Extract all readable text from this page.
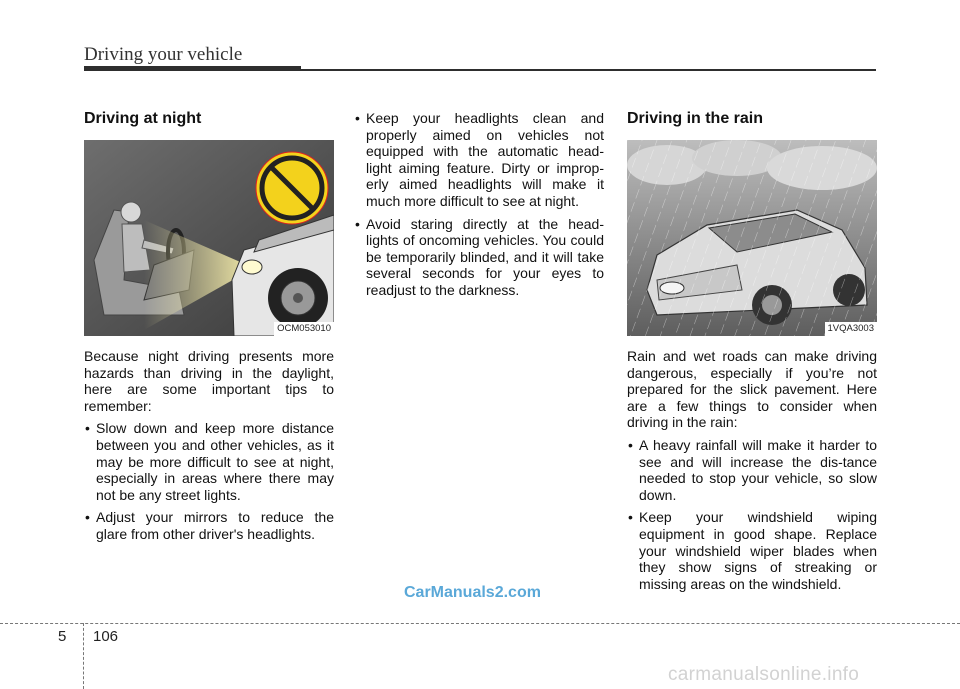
Driving your vehicle
Driving at night
OCM053010

Because night driving presents more hazards than driving in the daylight, here are some important tips to remember:

• Slow down and keep more distance between you and other vehicles, as it may be more difficult to see at night, especially in areas where there may not be any street lights.
• Adjust your mirrors to reduce the glare from other driver's headlights.
• Keep your headlights clean and properly aimed on vehicles not equipped with the automatic head-light aiming feature. Dirty or improp-erly aimed headlights will make it much more difficult to see at night.
• Avoid staring directly at the head-lights of oncoming vehicles. You could be temporarily blinded, and it will take several seconds for your eyes to readjust to the darkness.
Driving in the rain
1VQA3003

Rain and wet roads can make driving dangerous, especially if you’re not prepared for the slick pavement. Here are a few things to consider when driving in the rain:

• A heavy rainfall will make it harder to see and will increase the dis-tance needed to stop your vehicle, so slow down.
• Keep your windshield wiping equipment in good shape. Replace your windshield wiper blades when they show signs of streaking or missing areas on the windshield.
CarManuals2.com
5 106
carmanualsonline.info
